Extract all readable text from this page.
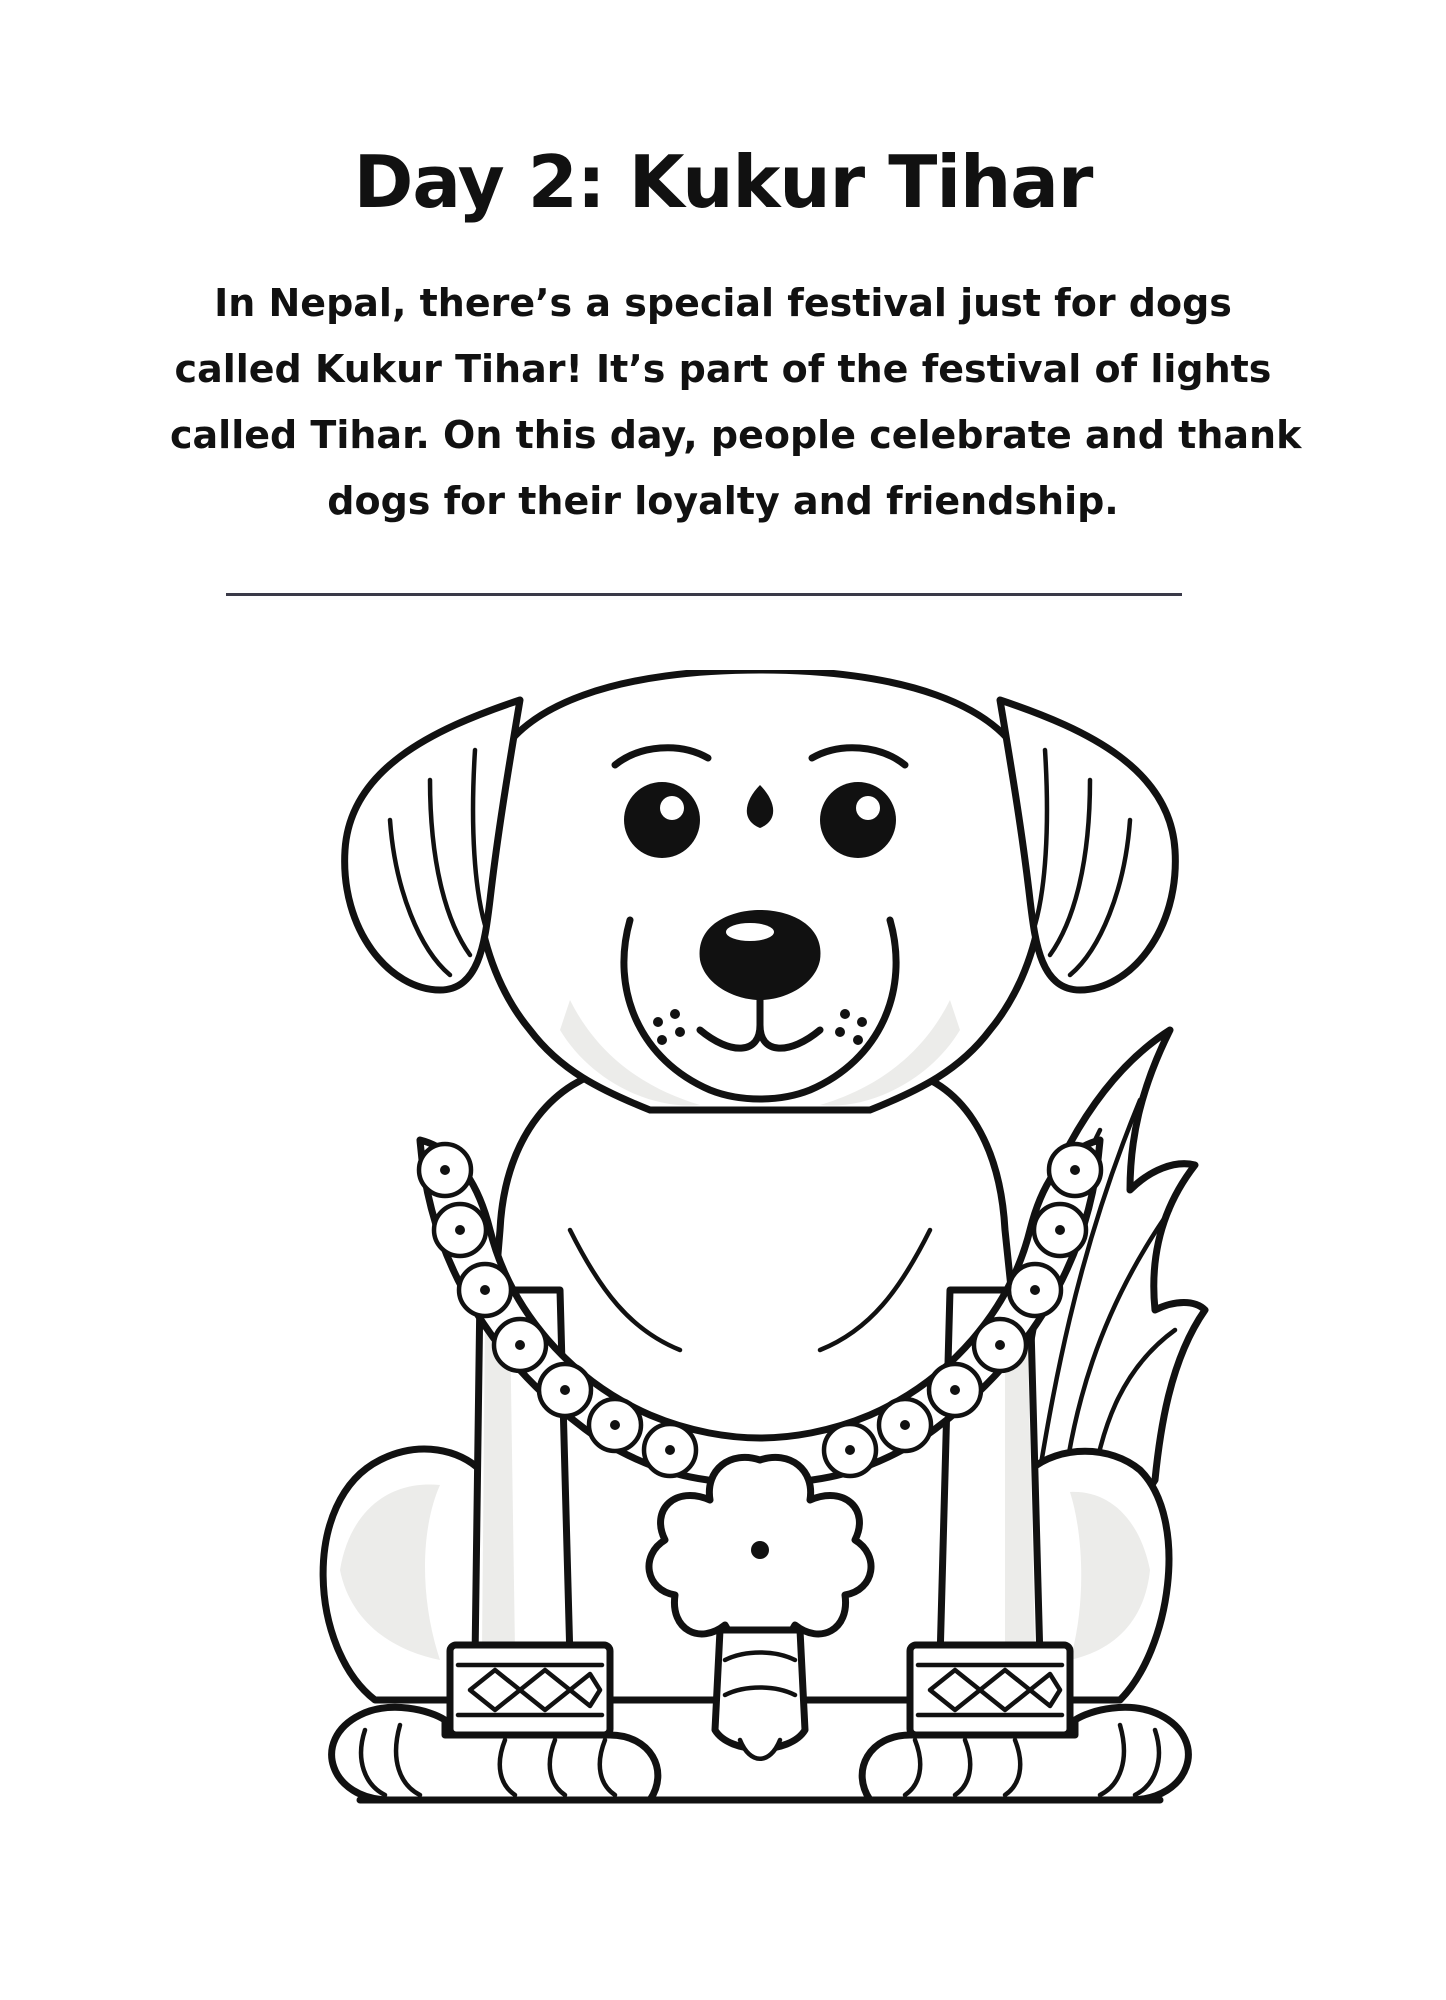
Day 2: Kukur Tihar

In Nepal, there’s a special festival just for dogs
called Kukur Tihar! It’s part of the festival of lights
called Tihar. On this day, people celebrate and thank
dogs for their loyalty and friendship.
